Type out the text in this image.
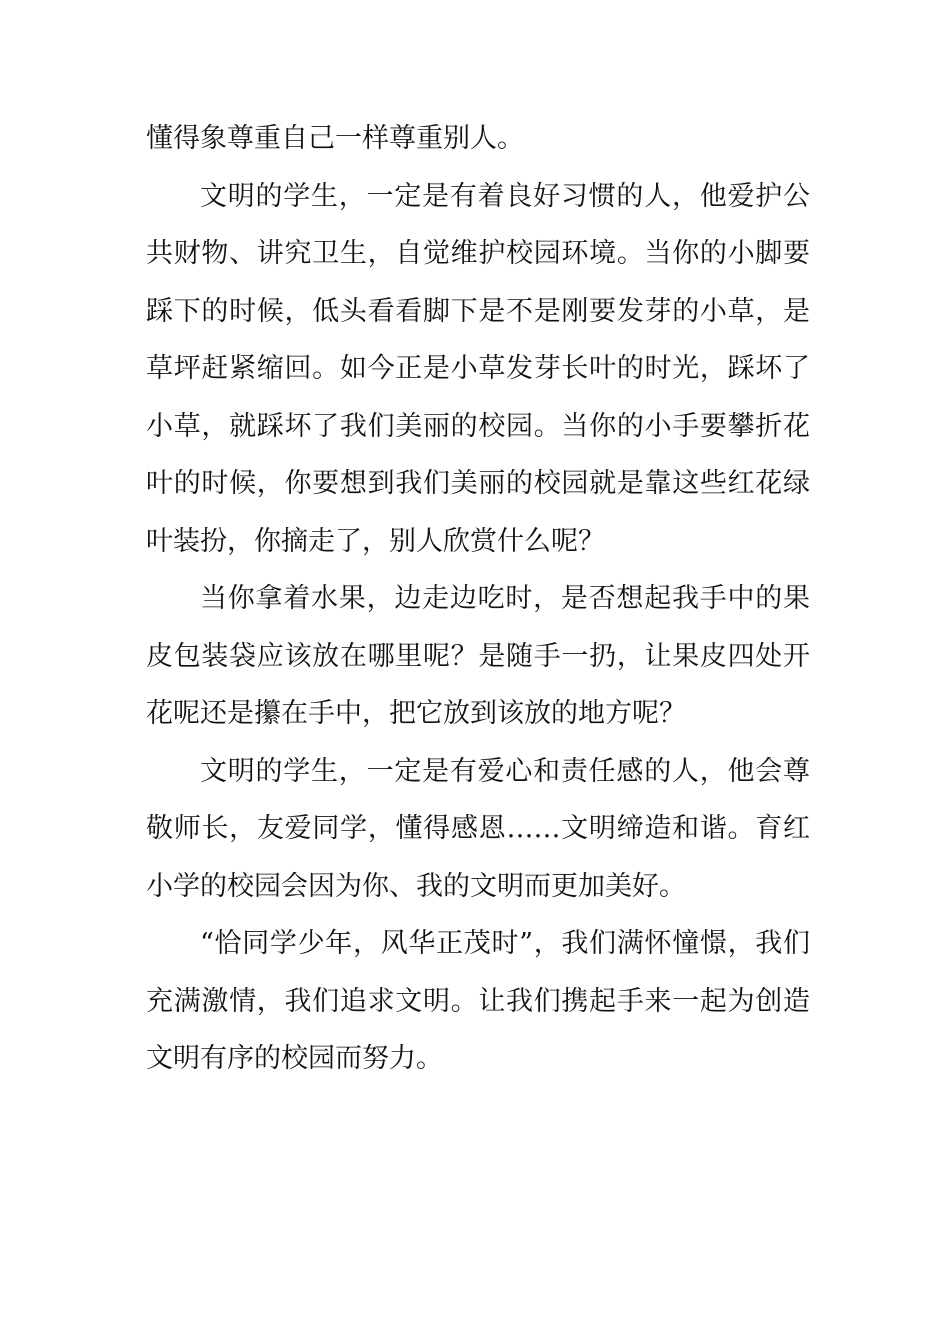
懂得象尊重自己一样尊重别人。

文明的学生，一定是有着良好习惯的人，他爱护公共财物、讲究卫生，自觉维护校园环境。当你的小脚要踩下的时候，低头看看脚下是不是刚要发芽的小草，是草坪赶紧缩回。如今正是小草发芽长叶的时光，踩坏了小草，就踩坏了我们美丽的校园。当你的小手要攀折花叶的时候，你要想到我们美丽的校园就是靠这些红花绿叶装扮，你摘走了，别人欣赏什么呢？

当你拿着水果，边走边吃时，是否想起我手中的果皮包装袋应该放在哪里呢？是随手一扔，让果皮四处开花呢还是攥在手中，把它放到该放的地方呢？

文明的学生，一定是有爱心和责任感的人，他会尊敬师长，友爱同学，懂得感恩……文明缔造和谐。育红小学的校园会因为你、我的文明而更加美好。

“恰同学少年，风华正茂时”，我们满怀憧憬，我们充满激情，我们追求文明。让我们携起手来一起为创造文明有序的校园而努力。
